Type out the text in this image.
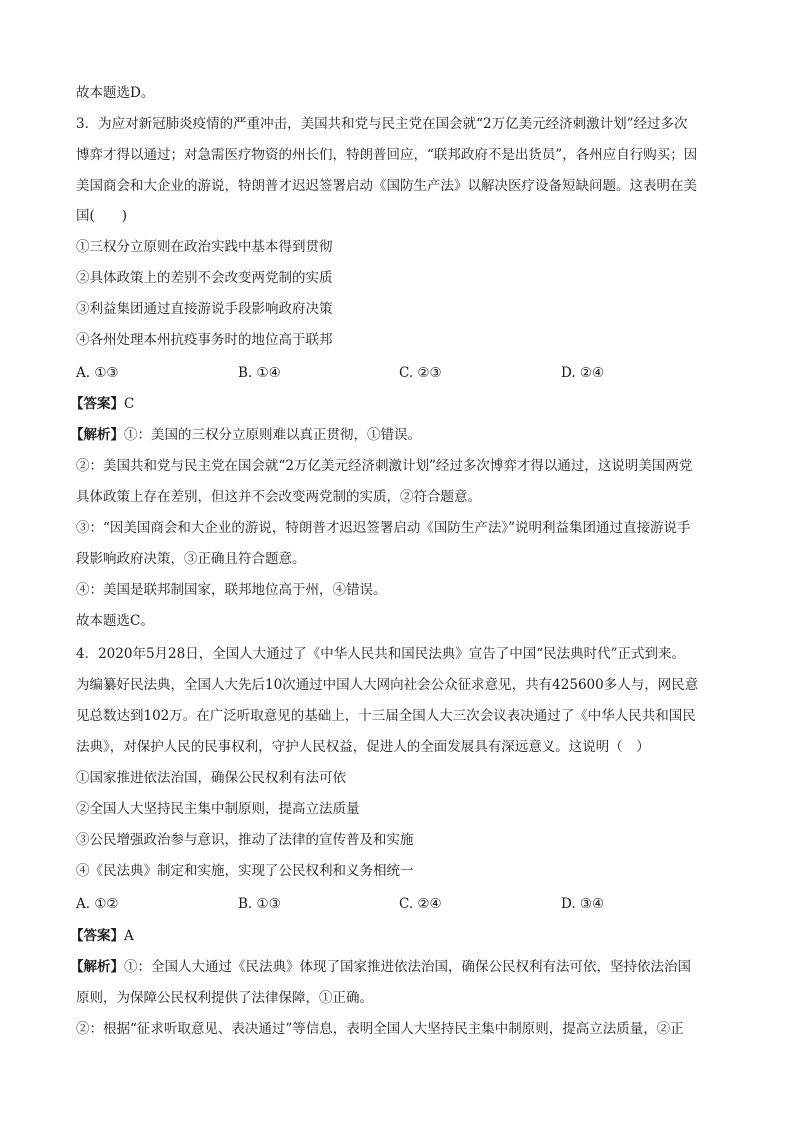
故本题选D。

3．为应对新冠肺炎疫情的严重冲击，美国共和党与民主党在国会就“2万亿美元经济刺激计划”经过多次

博弈才得以通过；对急需医疗物资的州长们，特朗普回应，“联邦政府不是出货员”，各州应自行购买；因

美国商会和大企业的游说，特朗普才迟迟签署启动《国防生产法》以解决医疗设备短缺问题。这表明在美

国(　　)

①三权分立原则在政治实践中基本得到贯彻

②具体政策上的差别不会改变两党制的实质

③利益集团通过直接游说手段影响政府决策

④各州处理本州抗疫事务时的地位高于联邦

A. ①③	B. ①④	C. ②③	D. ②④

【答案】C

【解析】①：美国的三权分立原则难以真正贯彻，①错误。

②：美国共和党与民主党在国会就“2万亿美元经济刺激计划”经过多次博弈才得以通过，这说明美国两党

具体政策上存在差别，但这并不会改变两党制的实质，②符合题意。

③：“因美国商会和大企业的游说，特朗普才迟迟签署启动《国防生产法》”说明利益集团通过直接游说手

段影响政府决策，③正确且符合题意。

④：美国是联邦制国家，联邦地位高于州，④错误。

故本题选C。

4．2020年5月28日，全国人大通过了《中华人民共和国民法典》宣告了中国“民法典时代”正式到来。

为编纂好民法典，全国人大先后10次通过中国人大网向社会公众征求意见，共有425600多人与，网民意

见总数达到102万。在广泛听取意见的基础上，十三届全国人大三次会议表决通过了《中华人民共和国民

法典》，对保护人民的民事权利，守护人民权益，促进人的全面发展具有深远意义。这说明（　）

①国家推进依法治国，确保公民权利有法可依

②全国人大坚持民主集中制原则，提高立法质量

③公民增强政治参与意识，推动了法律的宣传普及和实施

④《民法典》制定和实施，实现了公民权利和义务相统一

A. ①②	B. ①③	C. ②④	D. ③④

【答案】A

【解析】①：全国人大通过《民法典》体现了国家推进依法治国，确保公民权利有法可依，坚持依法治国

原则，为保障公民权利提供了法律保障，①正确。

②：根据“征求听取意见、表决通过”等信息，表明全国人大坚持民主集中制原则，提高立法质量，②正
